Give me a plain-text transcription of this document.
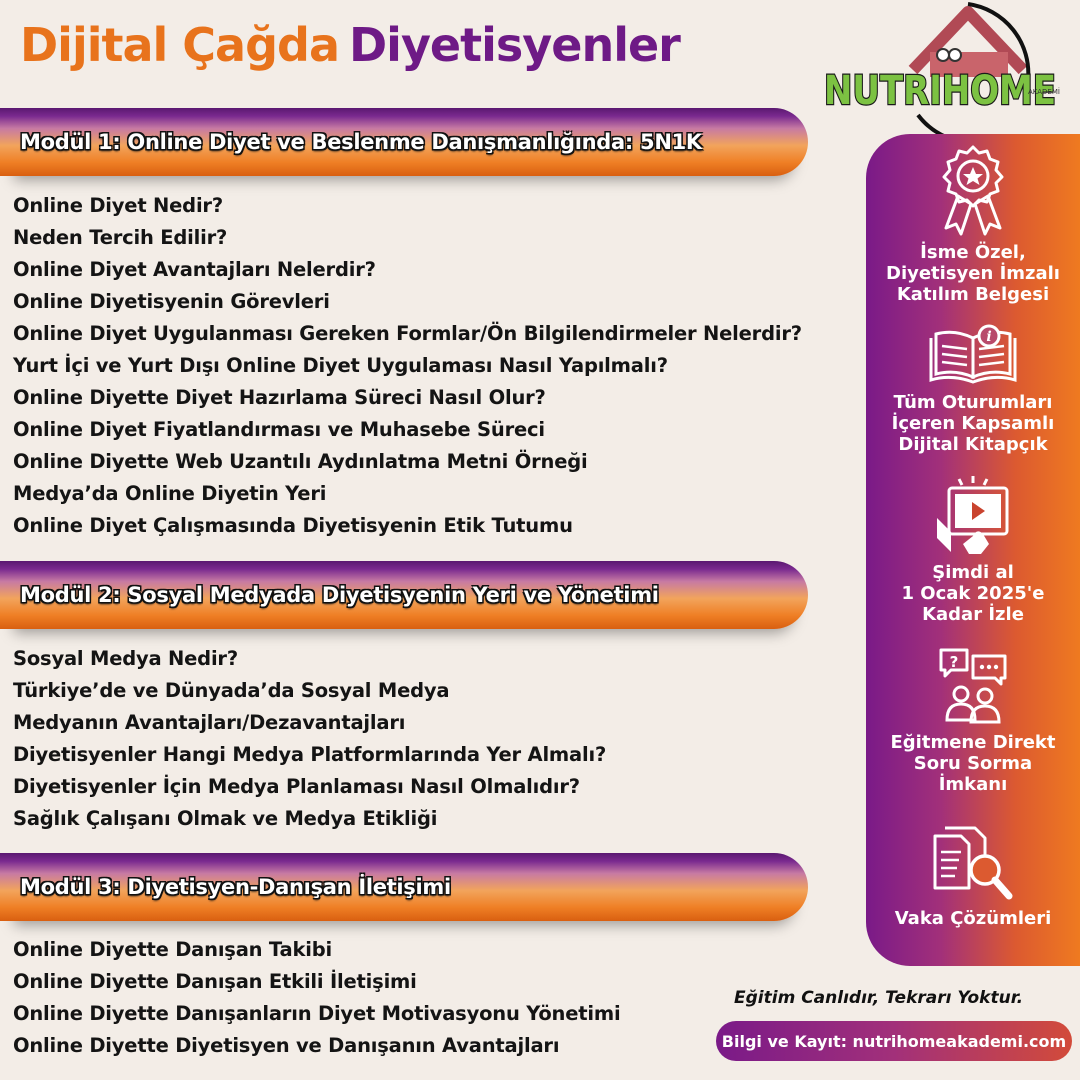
Dijital Çağda Diyetisyenler
NUTRIHOME
AKADEMİ
Modül 1: Online Diyet ve Beslenme Danışmanlığında: 5N1K
Online Diyet Nedir?
Neden Tercih Edilir?
Online Diyet Avantajları Nelerdir?
Online Diyetisyenin Görevleri
Online Diyet Uygulanması Gereken Formlar/Ön Bilgilendirmeler Nelerdir?
Yurt İçi ve Yurt Dışı Online Diyet Uygulaması Nasıl Yapılmalı?
Online Diyette Diyet Hazırlama Süreci Nasıl Olur?
Online Diyet Fiyatlandırması ve Muhasebe Süreci
Online Diyette Web Uzantılı Aydınlatma Metni Örneği
Medya’da Online Diyetin Yeri
Online Diyet Çalışmasında Diyetisyenin Etik Tutumu
Modül 2: Sosyal Medyada Diyetisyenin Yeri ve Yönetimi
Sosyal Medya Nedir?
Türkiye’de ve Dünyada’da Sosyal Medya
Medyanın Avantajları/Dezavantajları
Diyetisyenler Hangi Medya Platformlarında Yer Almalı?
Diyetisyenler İçin Medya Planlaması Nasıl Olmalıdır?
Sağlık Çalışanı Olmak ve Medya Etikliği
Modül 3: Diyetisyen-Danışan İletişimi
Online Diyette Danışan Takibi
Online Diyette Danışan Etkili İletişimi
Online Diyette Danışanların Diyet Motivasyonu Yönetimi
Online Diyette Diyetisyen ve Danışanın Avantajları
İsme Özel,
Diyetisyen İmzalı
Katılım Belgesi
i
Tüm Oturumları
İçeren Kapsamlı
Dijital Kitapçık
Şimdi al
1 Ocak 2025'e
Kadar İzle
?
Eğitmene Direkt
Soru Sorma
İmkanı
Vaka Çözümleri
Eğitim Canlıdır, Tekrarı Yoktur.
Bilgi ve Kayıt: nutrihomeakademi.com
